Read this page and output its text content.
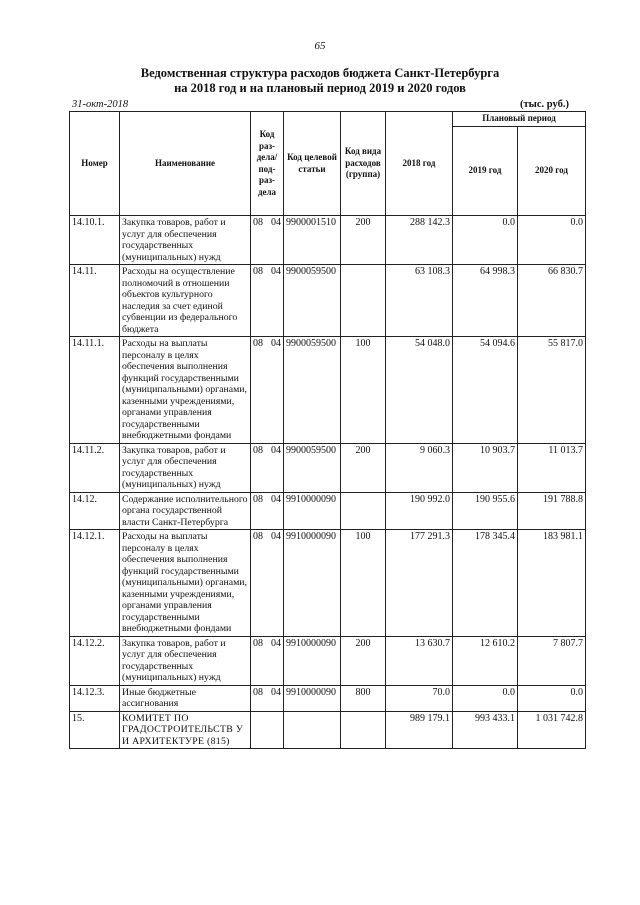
65
Ведомственная структура расходов бюджета Санкт-Петербурга
на 2018 год и на плановый период 2019 и 2020 годов
31-окт-2018	(тыс. руб.)
Номер	Наименование	Код раз- дела/ под- раз- дела	Код целевой статьи	Код вида расходов (группа)	2018 год	Плановый период	
						2019 год	2020 год
14.10.1.	Закупка товаров, работ и услуг для обеспечения государственных (муниципальных) нужд	08 04	9900001510	200	288 142.3	0.0	0.0
14.11.	Расходы на осуществление полномочий в отношении объектов культурного наследия за счет единой субвенции из федерального бюджета	08 04	9900059500		63 108.3	64 998.3	66 830.7
14.11.1.	Расходы на выплаты персоналу в целях обеспечения выполнения функций государственными (муниципальными) органами, казенными учреждениями, органами управления государственными внебюджетными фондами	08 04	9900059500	100	54 048.0	54 094.6	55 817.0
14.11.2.	Закупка товаров, работ и услуг для обеспечения государственных (муниципальных) нужд	08 04	9900059500	200	9 060.3	10 903.7	11 013.7
14.12.	Содержание исполнительного органа государственной власти Санкт-Петербурга	08 04	9910000090		190 992.0	190 955.6	191 788.8
14.12.1.	Расходы на выплаты персоналу в целях обеспечения выполнения функций государственными (муниципальными) органами, казенными учреждениями, органами управления государственными внебюджетными фондами	08 04	9910000090	100	177 291.3	178 345.4	183 981.1
14.12.2.	Закупка товаров, работ и услуг для обеспечения государственных (муниципальных) нужд	08 04	9910000090	200	13 630.7	12 610.2	7 807.7
14.12.3.	Иные бюджетные ассигнования	08 04	9910000090	800	70.0	0.0	0.0
15.	КОМИТЕТ ПО ГРАДОСТРОИТЕЛЬСТВ У И АРХИТЕКТУРЕ (815)				989 179.1	993 433.1	1 031 742.8
